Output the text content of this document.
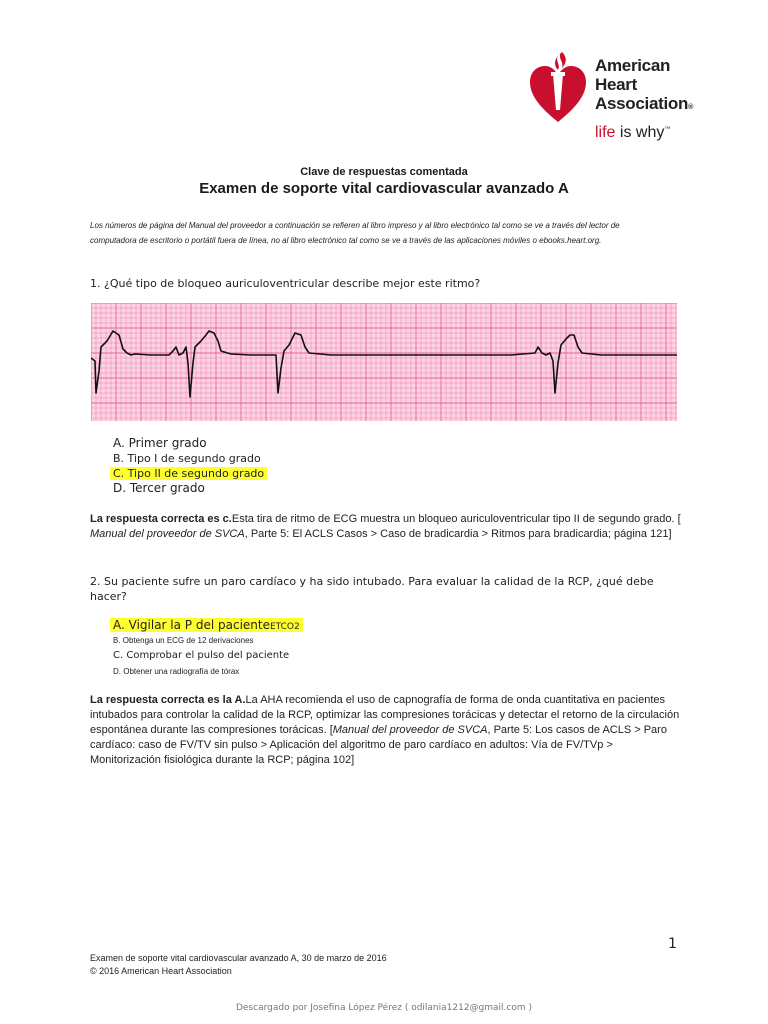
American
Heart
Association®
life is why™
Clave de respuestas comentada
Examen de soporte vital cardiovascular avanzado A
Los números de página del Manual del proveedor a continuación se refieren al libro impreso y al libro electrónico tal como se ve a través del lector de computadora de escritorio o portátil fuera de línea, no al libro electrónico tal como se ve a través de las aplicaciones móviles o ebooks.heart.org.
1. ¿Qué tipo de bloqueo auriculoventricular describe mejor este ritmo?
A. Primer grado
B. Tipo I de segundo grado
C. Tipo II de segundo grado
D. Tercer grado
La respuesta correcta es c.Esta tira de ritmo de ECG muestra un bloqueo auriculoventricular tipo II de segundo grado. [
Manual del proveedor de SVCA, Parte 5: El ACLS Casos > Caso de bradicardia > Ritmos para bradicardia; página 121]
2. Su paciente sufre un paro cardíaco y ha sido intubado. Para evaluar la calidad de la RCP, ¿qué debe hacer?
A. Vigilar la P del pacienteETCO2
B. Obtenga un ECG de 12 derivaciones
C. Comprobar el pulso del paciente
D. Obtener una radiografía de tórax
La respuesta correcta es la A.La AHA recomienda el uso de capnografía de forma de onda cuantitativa en pacientes intubados para controlar la calidad de la RCP, optimizar las compresiones torácicas y detectar el retorno de la circulación espontánea durante las compresiones torácicas. [Manual del proveedor de SVCA, Parte 5: Los casos de ACLS > Paro cardíaco: caso de FV/TV sin pulso > Aplicación del algoritmo de paro cardíaco en adultos: Vía de FV/TVp > Monitorización fisiológica durante la RCP; página 102]
1
Examen de soporte vital cardiovascular avanzado A, 30 de marzo de 2016
© 2016 American Heart Association
Descargado por Josefina López Pérez ( odilania1212@gmail.com )
